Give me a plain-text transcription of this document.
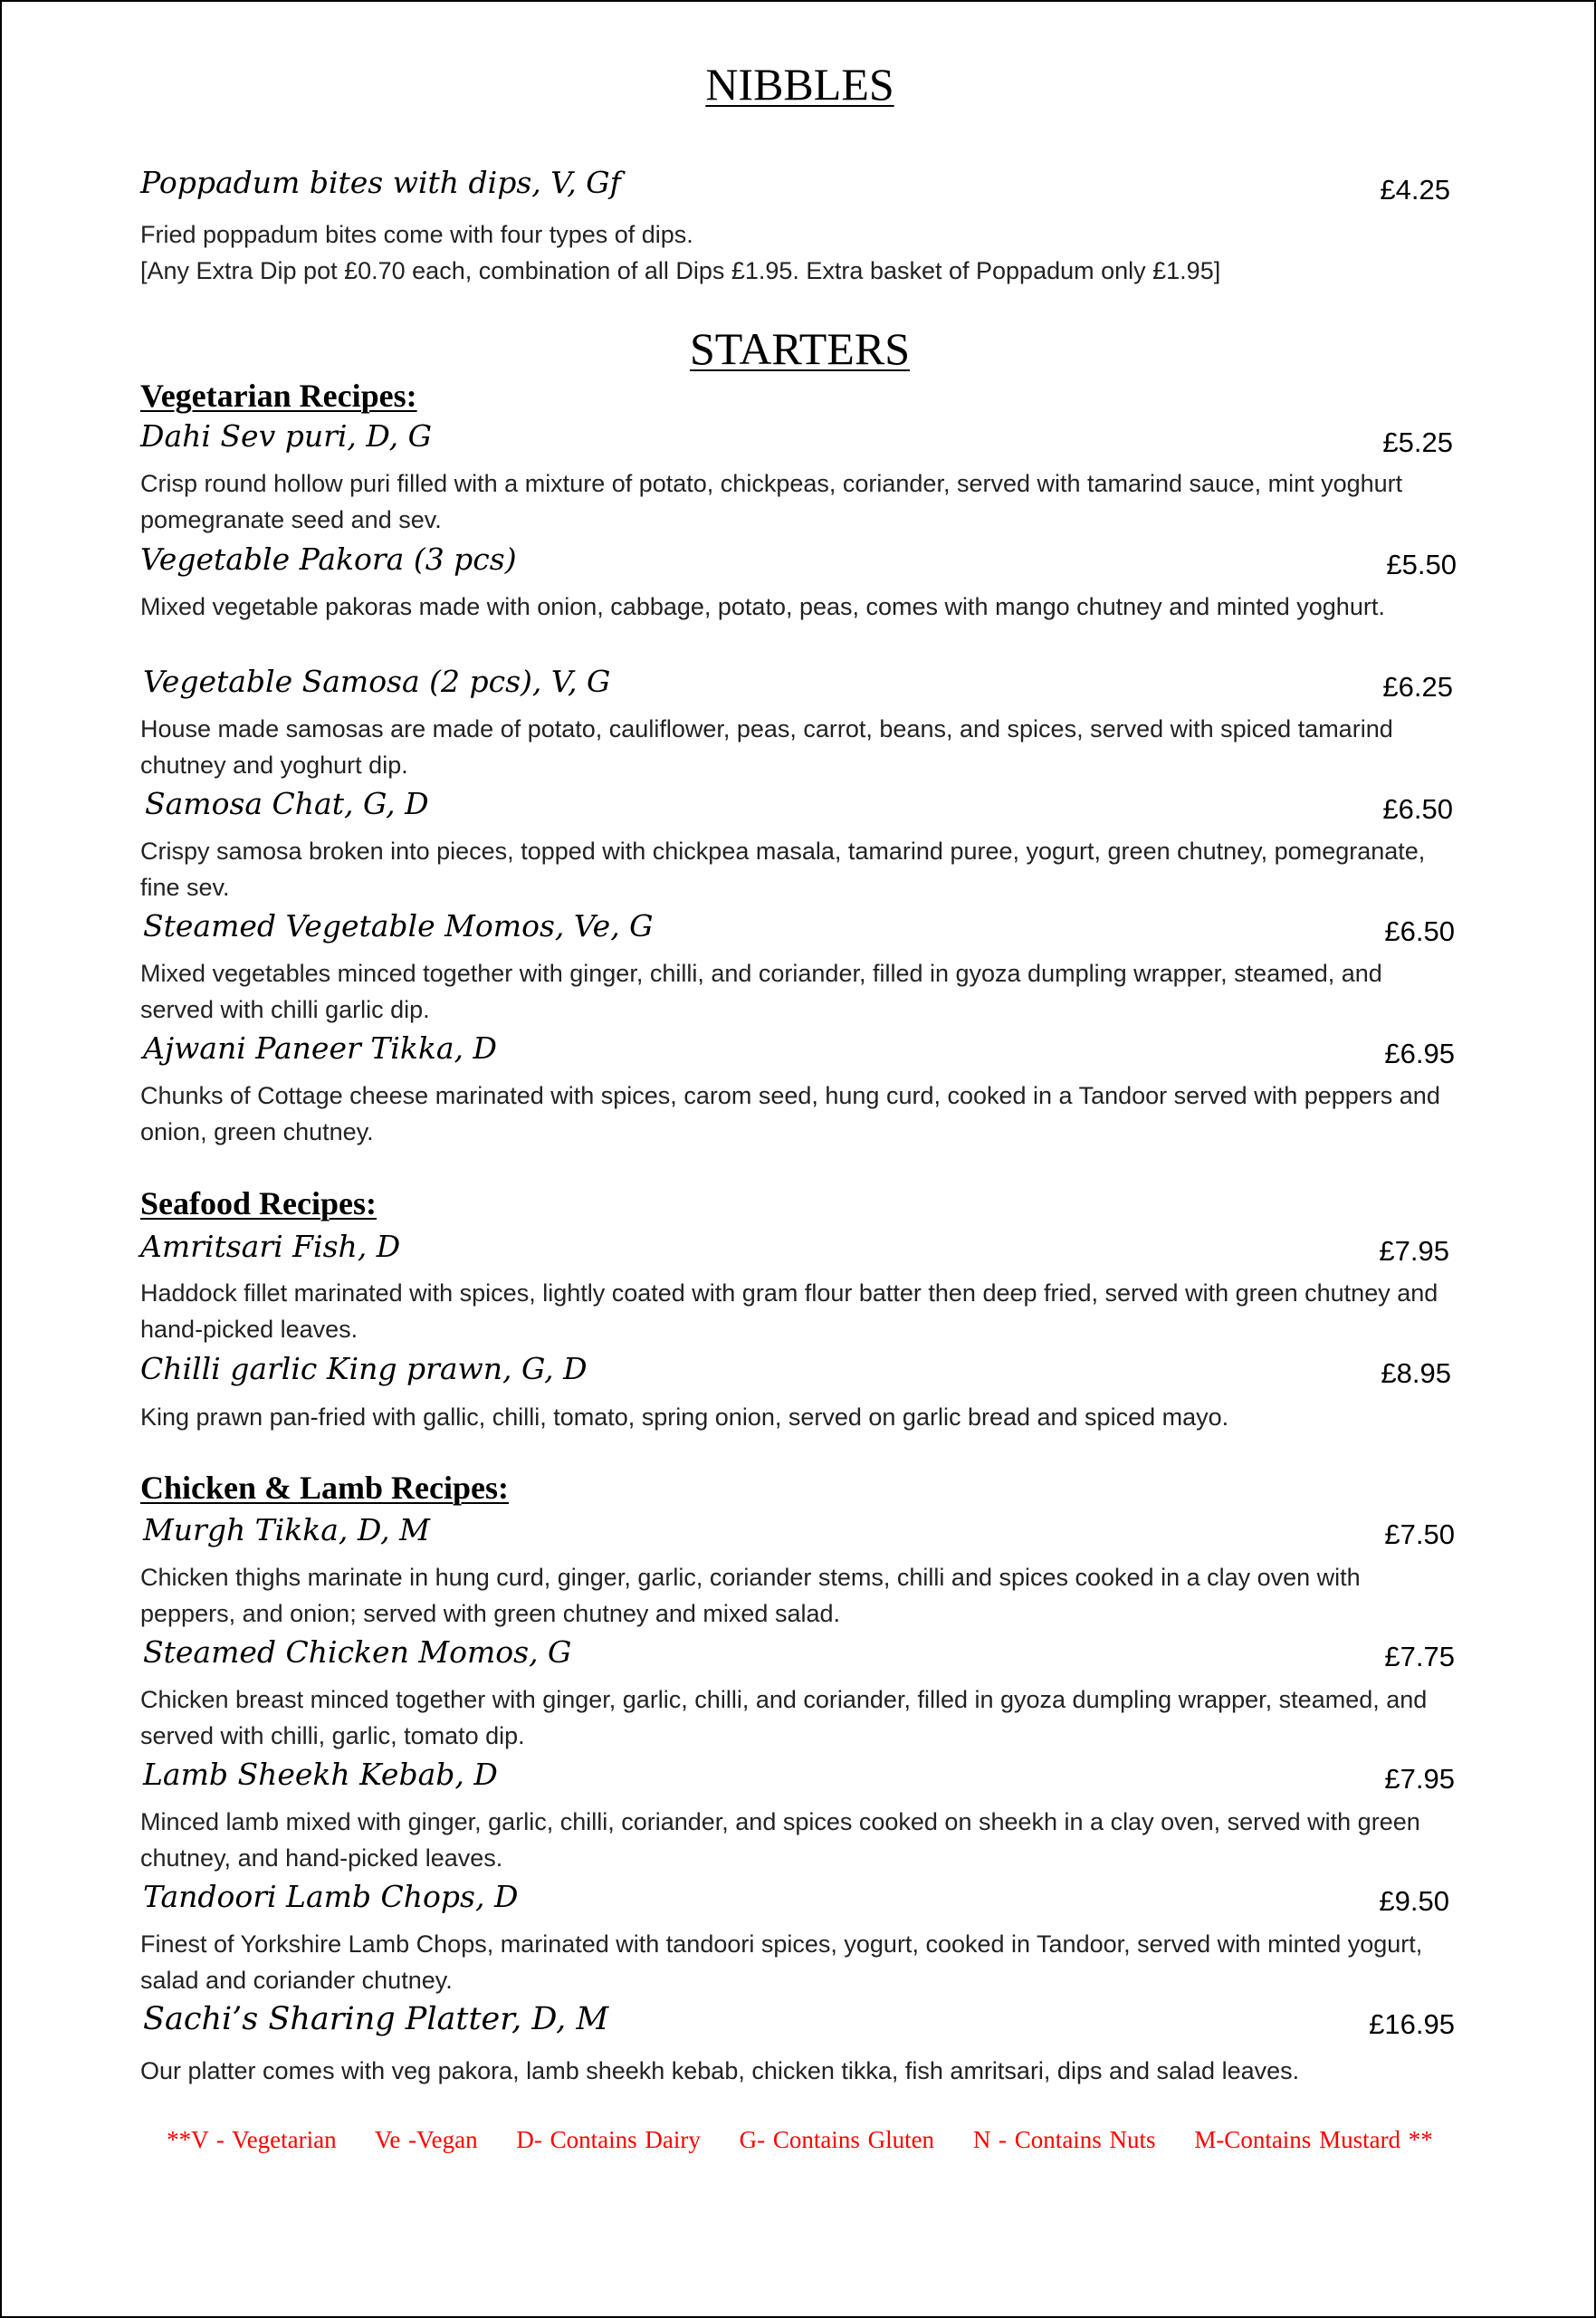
NIBBLES
Poppadum bites with dips, V, Gf	£4.25
Fried poppadum bites come with four types of dips.
[Any Extra Dip pot £0.70 each, combination of all Dips £1.95. Extra basket of Poppadum only £1.95]
STARTERS
Vegetarian Recipes:
Dahi Sev puri, D, G	£5.25
Crisp round hollow puri filled with a mixture of potato, chickpeas, coriander, served with tamarind sauce, mint yoghurt pomegranate seed and sev.
Vegetable Pakora (3 pcs)	£5.50
Mixed vegetable pakoras made with onion, cabbage, potato, peas, comes with mango chutney and minted yoghurt.
Vegetable Samosa (2 pcs), V, G	£6.25
House made samosas are made of potato, cauliflower, peas, carrot, beans, and spices, served with spiced tamarind chutney and yoghurt dip.
Samosa Chat, G, D	£6.50
Crispy samosa broken into pieces, topped with chickpea masala, tamarind puree, yogurt, green chutney, pomegranate, fine sev.
Steamed Vegetable Momos, Ve, G	£6.50
Mixed vegetables minced together with ginger, chilli, and coriander, filled in gyoza dumpling wrapper, steamed, and served with chilli garlic dip.
Ajwani Paneer Tikka, D	£6.95
Chunks of Cottage cheese marinated with spices, carom seed, hung curd, cooked in a Tandoor served with peppers and onion, green chutney.
Seafood Recipes:
Amritsari Fish, D	£7.95
Haddock fillet marinated with spices, lightly coated with gram flour batter then deep fried, served with green chutney and hand-picked leaves.
Chilli garlic King prawn, G, D	£8.95
King prawn pan-fried with gallic, chilli, tomato, spring onion, served on garlic bread and spiced mayo.
Chicken & Lamb Recipes:
Murgh Tikka, D, M	£7.50
Chicken thighs marinate in hung curd, ginger, garlic, coriander stems, chilli and spices cooked in a clay oven with peppers, and onion; served with green chutney and mixed salad.
Steamed Chicken Momos, G	£7.75
Chicken breast minced together with ginger, garlic, chilli, and coriander, filled in gyoza dumpling wrapper, steamed, and served with chilli, garlic, tomato dip.
Lamb Sheekh Kebab, D	£7.95
Minced lamb mixed with ginger, garlic, chilli, coriander, and spices cooked on sheekh in a clay oven, served with green chutney, and hand-picked leaves.
Tandoori Lamb Chops, D	£9.50
Finest of Yorkshire Lamb Chops, marinated with tandoori spices, yogurt, cooked in Tandoor, served with minted yogurt, salad and coriander chutney.
Sachi’s Sharing Platter, D, M	£16.95
Our platter comes with veg pakora, lamb sheekh kebab, chicken tikka, fish amritsari, dips and salad leaves.
**V - Vegetarian Ve -Vegan D- Contains Dairy G- Contains Gluten N - Contains Nuts M-Contains Mustard **
